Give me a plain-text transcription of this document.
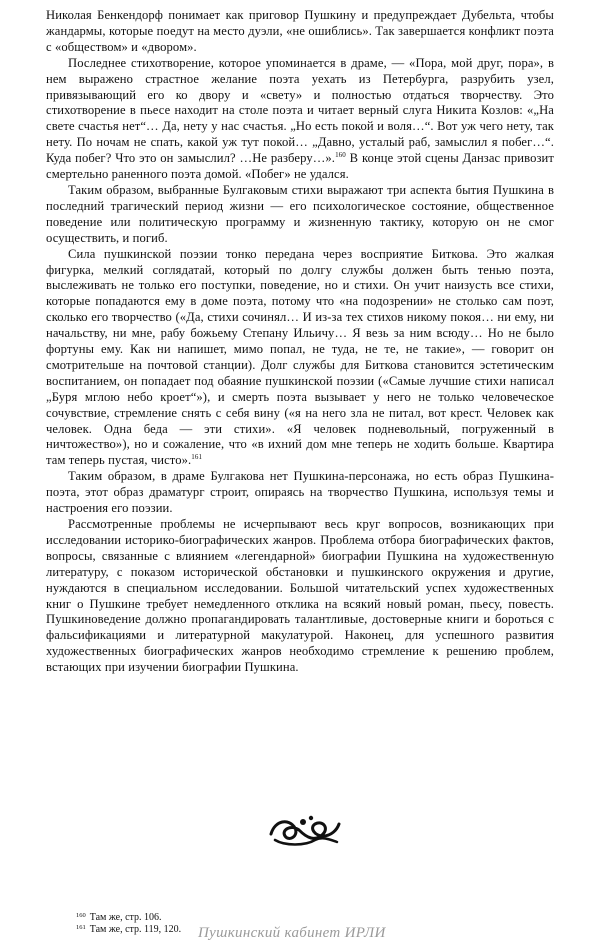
Николая Бенкендорф понимает как приговор Пушкину и предупреждает Дубельта, чтобы жандармы, которые поедут на место дуэли, «не ошиблись». Так завершается конфликт поэта с «обществом» и «двором».

Последнее стихотворение, которое упоминается в драме, — «Пора, мой друг, пора», в нем выражено страстное желание поэта уехать из Петербурга, разрубить узел, привязывающий его ко двору и «свету» и полностью отдаться творчеству. Это стихотворение в пьесе находит на столе поэта и читает верный слуга Никита Козлов: «„На свете счастья нет“… Да, нету у нас счастья. „Но есть покой и воля…“. Вот уж чего нету, так нету. По ночам не спать, какой уж тут покой… „Давно, усталый раб, замыслил я побег…“. Куда побег? Что это он замыслил? …Не разберу…».$^{160}$ В конце этой сцены Данзас привозит смертельно раненного поэта домой. «Побег» не удался.

Таким образом, выбранные Булгаковым стихи выражают три аспекта бытия Пушкина в последний трагический период жизни — его психологическое состояние, общественное поведение или политическую программу и жизненную тактику, которую он не смог осуществить, и погиб.

Сила пушкинской поэзии тонко передана через восприятие Биткова. Это жалкая фигурка, мелкий соглядатай, который по долгу службы должен быть тенью поэта, выслеживать не только его поступки, поведение, но и стихи. Он учит наизусть все стихи, которые попадаются ему в доме поэта, потому что «на подозрении» не столько сам поэт, сколько его творчество («Да, стихи сочинял… И из-за тех стихов никому покоя… ни ему, ни начальству, ни мне, рабу божьему Степану Ильичу… Я везь за ним всюду… Но не было фортуны ему. Как ни напишет, мимо попал, не туда, не те, не такие», — говорит он смотрительше на почтовой станции). Долг службы для Биткова становится эстетическим воспитанием, он попадает под обаяние пушкинской поэзии («Самые лучшие стихи написал „Буря мглою небо кроет“»), и смерть поэта вызывает у него не только человеческое сочувствие, стремление снять с себя вину («я на него зла не питал, вот крест. Человек как человек. Одна беда — эти стихи». «Я человек подневольный, погруженный в ничтожество»), но и сожаление, что «в ихний дом мне теперь не ходить больше. Квартира там теперь пустая, чисто».$^{161}$

Таким образом, в драме Булгакова нет Пушкина-персонажа, но есть образ Пушкина-поэта, этот образ драматург строит, опираясь на творчество Пушкина, используя темы и настроения его поэзии.

Рассмотренные проблемы не исчерпывают весь круг вопросов, возникающих при исследовании историко-биографических жанров. Проблема отбора биографических фактов, вопросы, связанные с влиянием «легендарной» биографии Пушкина на художественную литературу, с показом исторической обстановки и пушкинского окружения и другие, нуждаются в специальном исследовании. Большой читательский успех художественных книг о Пушкине требует немедленного отклика на всякий новый роман, пьесу, повесть. Пушкиноведение должно пропагандировать талантливые, достоверные книги и бороться с фальсификациями и литературной макулатурой. Наконец, для успешного развития художественных биографических жанров необходимо стремление к решению проблем, встающих при изучении биографии Пушкина.

160 Там же, стр. 106.
161 Там же, стр. 119, 120. Пушкинский кабинет ИРЛИ
